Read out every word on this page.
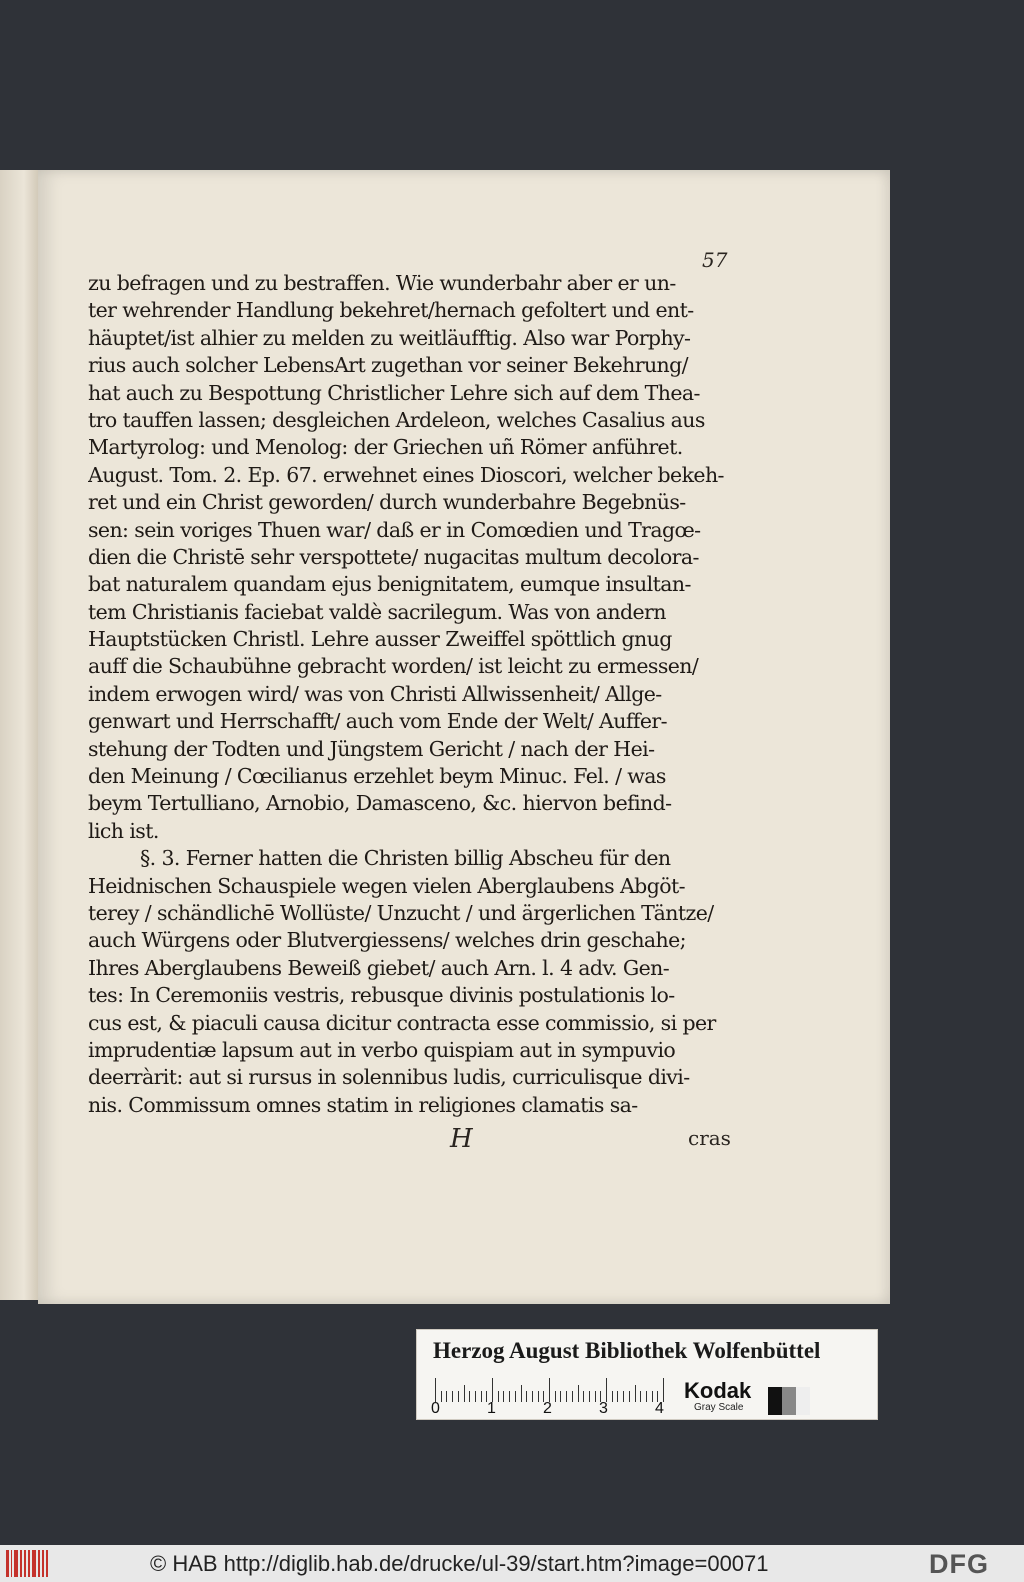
57
zu befragen und zu bestraffen. Wie wunderbahr aber er un-
ter wehrender Handlung bekehret/hernach gefoltert und ent-
häuptet/ist alhier zu melden zu weitläufftig. Also war Porphy-
rius auch solcher LebensArt zugethan vor seiner Bekehrung/
hat auch zu Bespottung Christlicher Lehre sich auf dem Thea-
tro tauffen lassen; desgleichen Ardeleon, welches Casalius aus
Martyrolog: und Menolog: der Griechen uñ Römer anführet.
August. Tom. 2. Ep. 67. erwehnet eines Dioscori, welcher bekeh-
ret und ein Christ geworden/ durch wunderbahre Begebnüs-
sen: sein voriges Thuen war/ daß er in Comœdien und Tragœ-
dien die Christē sehr verspottete/ nugacitas multum decolora-
bat naturalem quandam ejus benignitatem, eumque insultan-
tem Christianis faciebat valdè sacrilegum. Was von andern
Hauptstücken Christl. Lehre ausser Zweiffel spöttlich gnug
auff die Schaubühne gebracht worden/ ist leicht zu ermessen/
indem erwogen wird/ was von Christi Allwissenheit/ Allge-
genwart und Herrschafft/ auch vom Ende der Welt/ Auffer-
stehung der Todten und Jüngstem Gericht / nach der Hei-
den Meinung / Cœcilianus erzehlet beym Minuc. Fel. / was
beym Tertulliano, Arnobio, Damasceno, &c. hiervon befind-
lich ist.
§. 3. Ferner hatten die Christen billig Abscheu für den
Heidnischen Schauspiele wegen vielen Aberglaubens Abgöt-
terey / schändlichē Wollüste/ Unzucht / und ärgerlichen Täntze/
auch Würgens oder Blutvergiessens/ welches drin geschahe;
Ihres Aberglaubens Beweiß giebet/ auch Arn. l. 4 adv. Gen-
tes: In Ceremoniis vestris, rebusque divinis postulationis lo-
cus est, & piaculi causa dicitur contracta esse commissio, si per
imprudentiæ lapsum aut in verbo quispiam aut in sympuvio
deerràrit: aut si rursus in solennibus ludis, curriculisque divi-
nis. Commissum omnes statim in religiones clamatis sa-
H	cras
Herzog August Bibliothek Wolfenbüttel
0	1	2	3	4
Kodak
Gray Scale
© HAB http://diglib.hab.de/drucke/ul-39/start.htm?image=00071	DFG
